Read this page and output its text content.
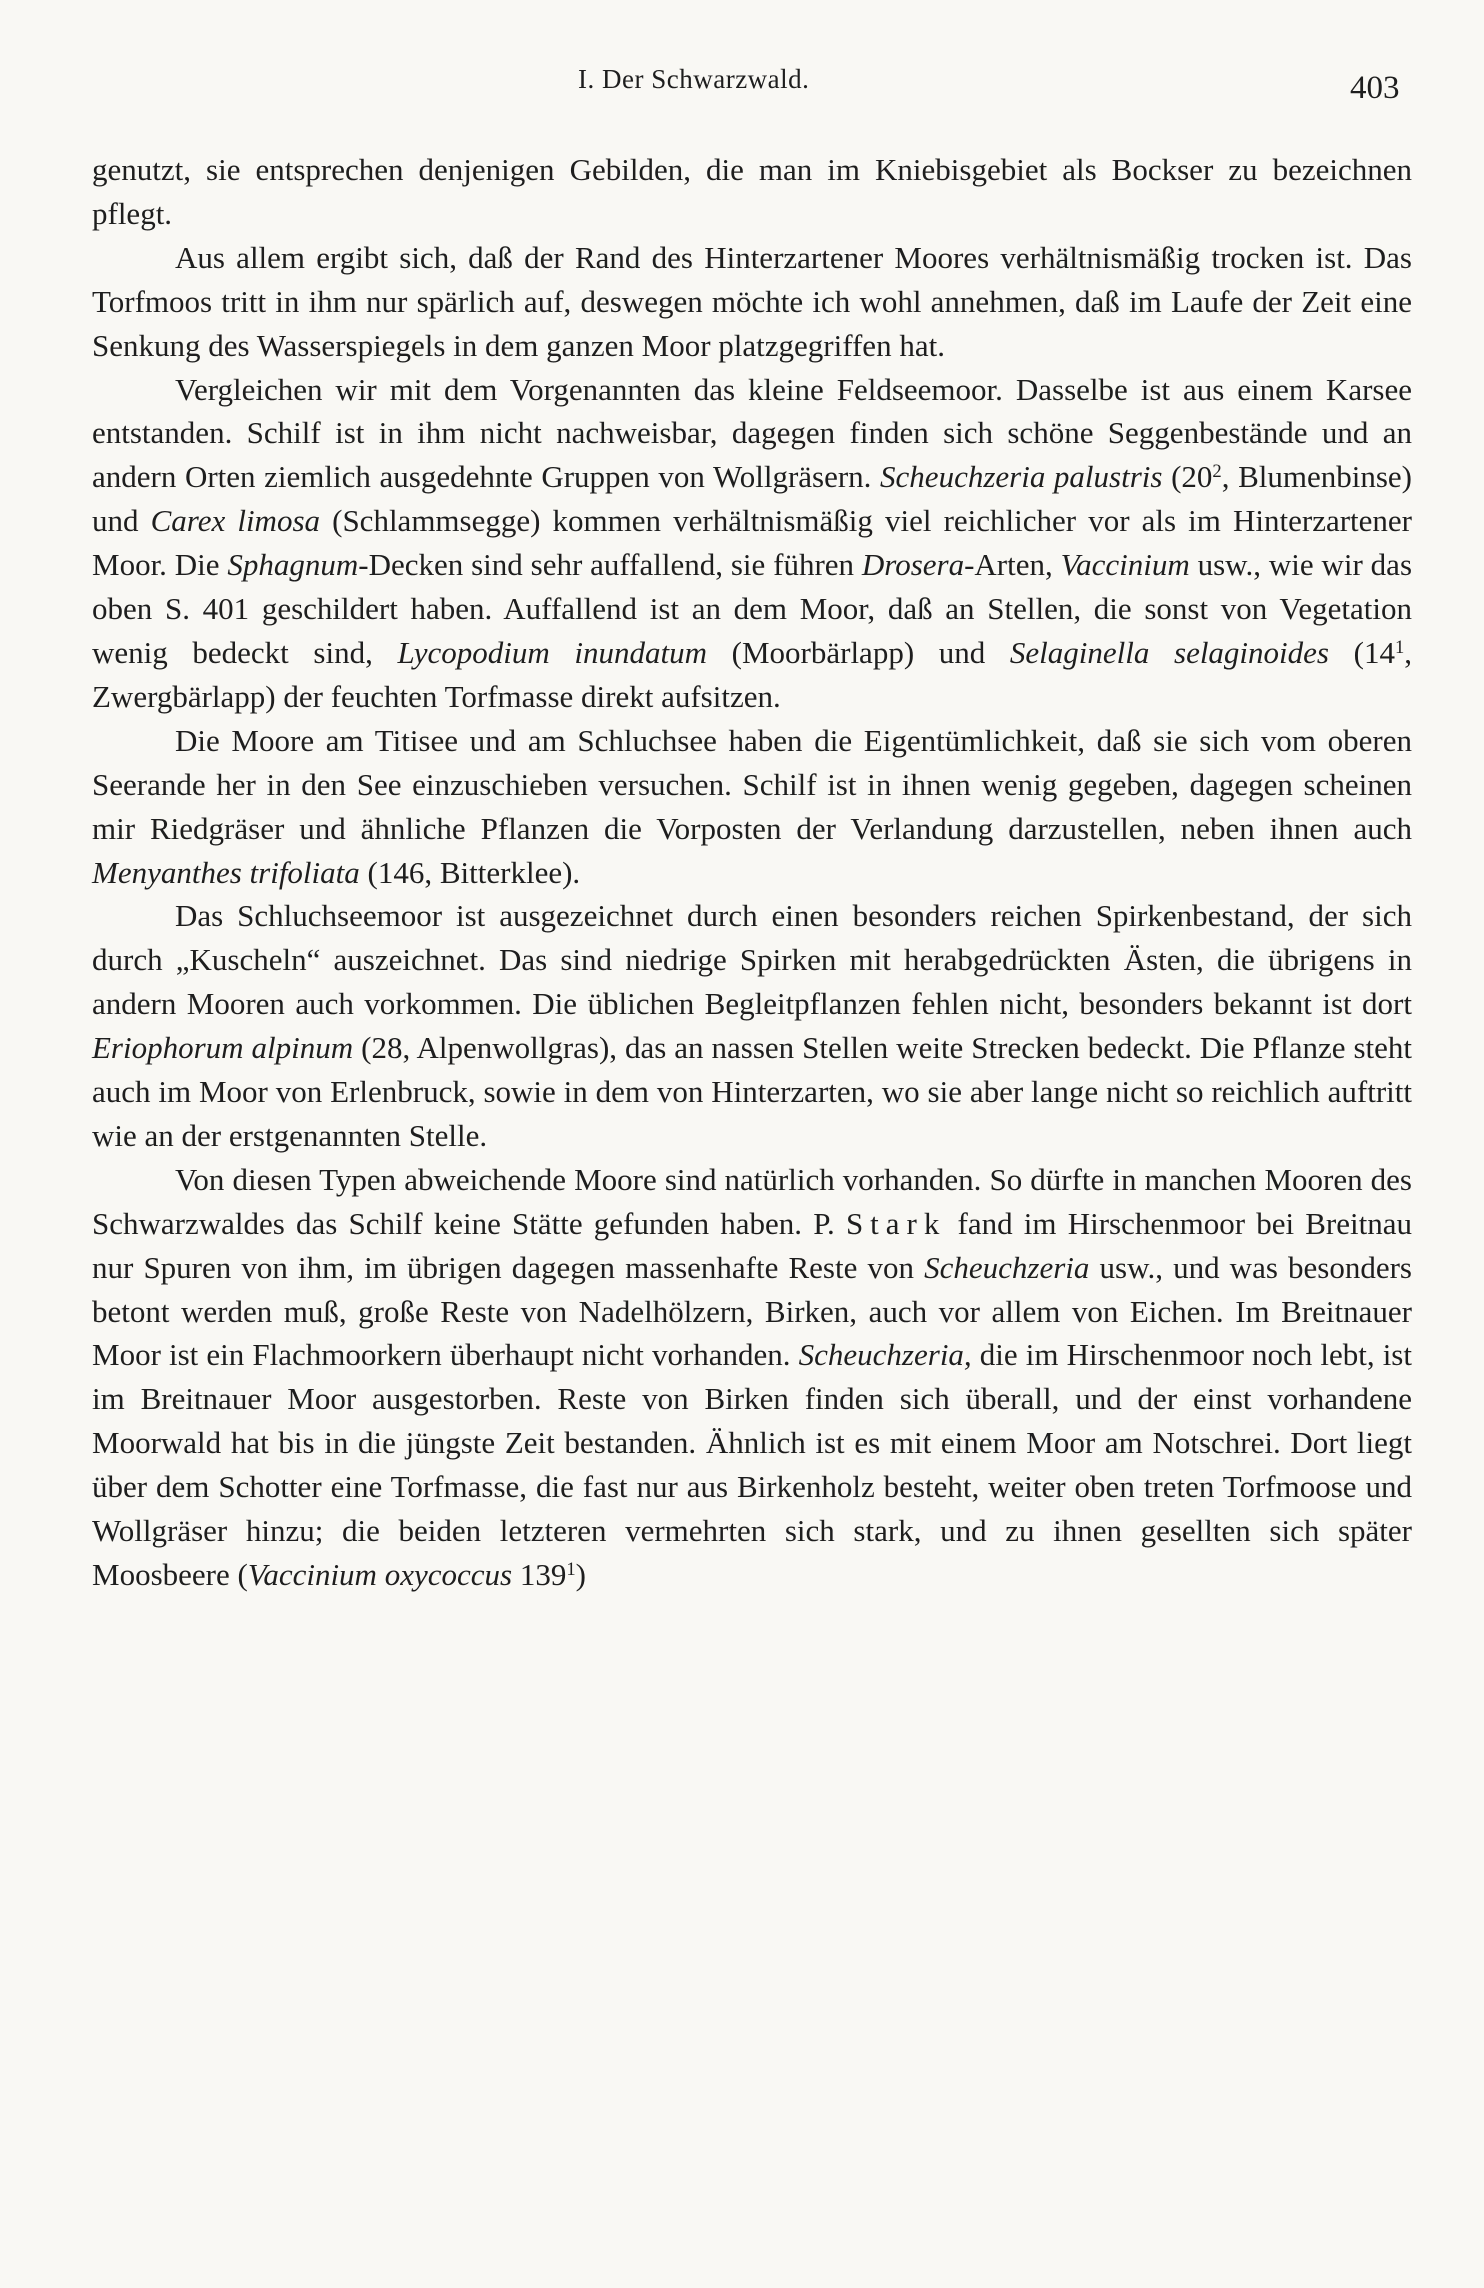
I. Der Schwarzwald.	403

genutzt, sie entsprechen denjenigen Gebilden, die man im Kniebisgebiet als Bockser zu bezeichnen pflegt.

Aus allem ergibt sich, daß der Rand des Hinterzartener Moores verhältnismäßig trocken ist. Das Torfmoos tritt in ihm nur spärlich auf, deswegen möchte ich wohl annehmen, daß im Laufe der Zeit eine Senkung des Wasserspiegels in dem ganzen Moor platzgegriffen hat.

Vergleichen wir mit dem Vorgenannten das kleine Feldseemoor. Dasselbe ist aus einem Karsee entstanden. Schilf ist in ihm nicht nachweisbar, dagegen finden sich schöne Seggenbestände und an andern Orten ziemlich ausgedehnte Gruppen von Wollgräsern. Scheuchzeria palustris ($20^2$, Blumenbinse) und Carex limosa (Schlammsegge) kommen verhältnismäßig viel reichlicher vor als im Hinterzartener Moor. Die Sphagnum-Decken sind sehr auffallend, sie führen Drosera-Arten, Vaccinium usw., wie wir das oben S. 401 geschildert haben. Auffallend ist an dem Moor, daß an Stellen, die sonst von Vegetation wenig bedeckt sind, Lycopodium inundatum (Moorbärlapp) und Selaginella selaginoides ($14^1$, Zwergbärlapp) der feuchten Torfmasse direkt aufsitzen.

Die Moore am Titisee und am Schluchsee haben die Eigentümlichkeit, daß sie sich vom oberen Seerande her in den See einzuschieben versuchen. Schilf ist in ihnen wenig gegeben, dagegen scheinen mir Riedgräser und ähnliche Pflanzen die Vorposten der Verlandung darzustellen, neben ihnen auch Menyanthes trifoliata (146, Bitterklee).

Das Schluchseemoor ist ausgezeichnet durch einen besonders reichen Spirkenbestand, der sich durch „Kuscheln“ auszeichnet. Das sind niedrige Spirken mit herabgedrückten Ästen, die übrigens in andern Mooren auch vorkommen. Die üblichen Begleitpflanzen fehlen nicht, besonders bekannt ist dort Eriophorum alpinum (28, Alpenwollgras), das an nassen Stellen weite Strecken bedeckt. Die Pflanze steht auch im Moor von Erlenbruck, sowie in dem von Hinterzarten, wo sie aber lange nicht so reichlich auftritt wie an der erstgenannten Stelle.

Von diesen Typen abweichende Moore sind natürlich vorhanden. So dürfte in manchen Mooren des Schwarzwaldes das Schilf keine Stätte gefunden haben. P. Stark fand im Hirschenmoor bei Breitnau nur Spuren von ihm, im übrigen dagegen massenhafte Reste von Scheuchzeria usw., und was besonders betont werden muß, große Reste von Nadelhölzern, Birken, auch vor allem von Eichen. Im Breitnauer Moor ist ein Flachmoorkern überhaupt nicht vorhanden. Scheuchzeria, die im Hirschenmoor noch lebt, ist im Breitnauer Moor ausgestorben. Reste von Birken finden sich überall, und der einst vorhandene Moorwald hat bis in die jüngste Zeit bestanden. Ähnlich ist es mit einem Moor am Notschrei. Dort liegt über dem Schotter eine Torfmasse, die fast nur aus Birkenholz besteht, weiter oben treten Torfmoose und Wollgräser hinzu; die beiden letzteren vermehrten sich stark, und zu ihnen gesellten sich später Moosbeere (Vaccinium oxycoccus $139^1$)
